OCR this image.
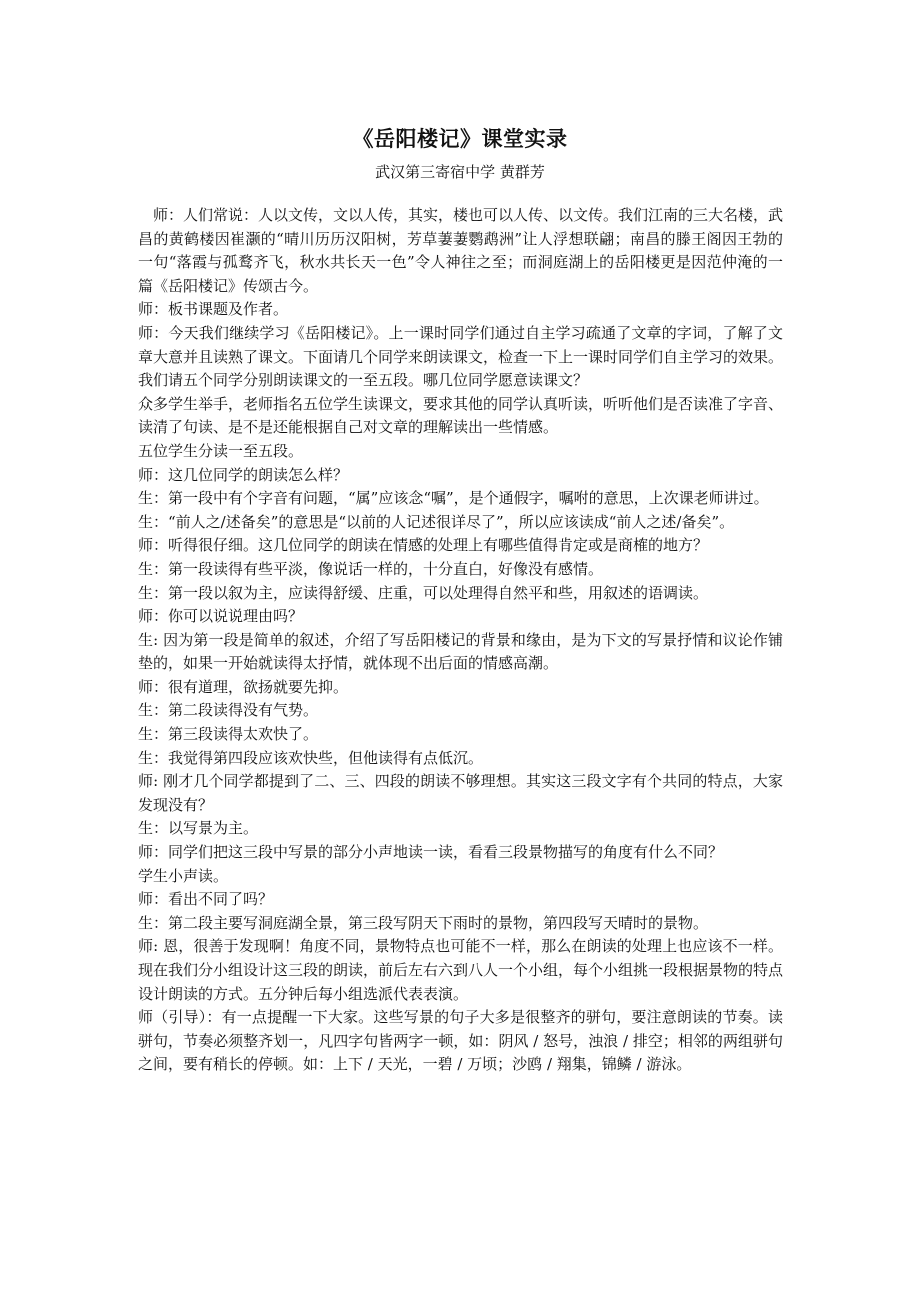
《岳阳楼记》课堂实录
武汉第三寄宿中学 黄群芳

师：人们常说：人以文传，文以人传，其实，楼也可以人传、以文传。我们江南的三大名楼，武昌的黄鹤楼因崔灏的“晴川历历汉阳树，芳草萋萋鹦鹉洲”让人浮想联翩；南昌的滕王阁因王勃的一句“落霞与孤鹜齐飞，秋水共长天一色”令人神往之至；而洞庭湖上的岳阳楼更是因范仲淹的一篇《岳阳楼记》传颂古今。

师：板书课题及作者。

师：今天我们继续学习《岳阳楼记》。上一课时同学们通过自主学习疏通了文章的字词，了解了文章大意并且读熟了课文。下面请几个同学来朗读课文，检查一下上一课时同学们自主学习的效果。我们请五个同学分别朗读课文的一至五段。哪几位同学愿意读课文？

众多学生举手，老师指名五位学生读课文，要求其他的同学认真听读，听听他们是否读准了字音、读清了句读、是不是还能根据自己对文章的理解读出一些情感。

五位学生分读一至五段。

师：这几位同学的朗读怎么样？

生：第一段中有个字音有问题，“属”应该念“嘱”，是个通假字，嘱咐的意思，上次课老师讲过。

生：“前人之/述备矣”的意思是“以前的人记述很详尽了”，所以应该读成“前人之述/备矣”。

师：听得很仔细。这几位同学的朗读在情感的处理上有哪些值得肯定或是商榷的地方？

生：第一段读得有些平淡，像说话一样的，十分直白，好像没有感情。

生：第一段以叙为主，应读得舒缓、庄重，可以处理得自然平和些，用叙述的语调读。

师：你可以说说理由吗？

生: 因为第一段是简单的叙述，介绍了写岳阳楼记的背景和缘由，是为下文的写景抒情和议论作铺垫的，如果一开始就读得太抒情，就体现不出后面的情感高潮。

师：很有道理，欲扬就要先抑。

生：第二段读得没有气势。

生：第三段读得太欢快了。

生：我觉得第四段应该欢快些，但他读得有点低沉。

师: 刚才几个同学都提到了二、三、四段的朗读不够理想。其实这三段文字有个共同的特点，大家发现没有？

生：以写景为主。

师：同学们把这三段中写景的部分小声地读一读，看看三段景物描写的角度有什么不同？

学生小声读。

师：看出不同了吗？

生：第二段主要写洞庭湖全景，第三段写阴天下雨时的景物，第四段写天晴时的景物。

师: 恩，很善于发现啊！角度不同，景物特点也可能不一样，那么在朗读的处理上也应该不一样。现在我们分小组设计这三段的朗读，前后左右六到八人一个小组，每个小组挑一段根据景物的特点设计朗读的方式。五分钟后每小组选派代表表演。

师（引导）：有一点提醒一下大家。这些写景的句子大多是很整齐的骈句，要注意朗读的节奏。读骈句，节奏必须整齐划一，凡四字句皆两字一顿，如：阴风 / 怒号，浊浪 / 排空；相邻的两组骈句之间，要有稍长的停顿。如：上下 / 天光，一碧 / 万顷；沙鸥 / 翔集，锦鳞 / 游泳。
